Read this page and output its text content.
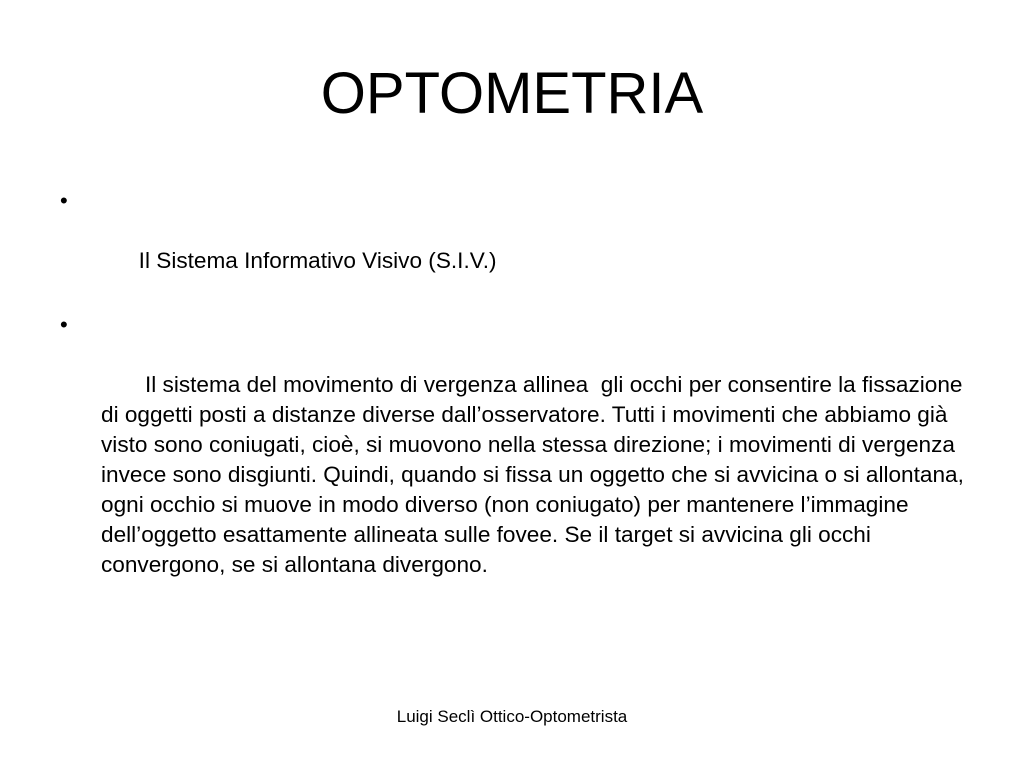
OPTOMETRIA

•

Il Sistema Informativo Visivo (S.I.V.)

•

Il sistema del movimento di vergenza allinea  gli occhi per consentire la fissazione di oggetti posti a distanze diverse dall’osservatore. Tutti i movimenti che abbiamo già visto sono coniugati, cioè, si muovono nella stessa direzione; i movimenti di vergenza invece sono disgiunti. Quindi, quando si fissa un oggetto che si avvicina o si allontana, ogni occhio si muove in modo diverso (non coniugato) per mantenere l’immagine dell’oggetto esattamente allineata sulle fovee. Se il target si avvicina gli occhi convergono, se si allontana divergono.

Luigi Seclì Ottico-Optometrista
